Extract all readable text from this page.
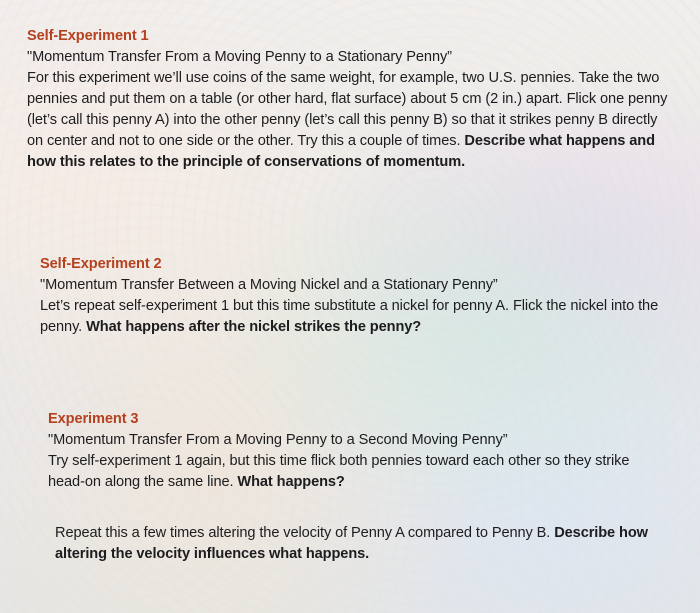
Self-Experiment 1

"Momentum Transfer From a Moving Penny to a Stationary Penny”

For this experiment we’ll use coins of the same weight, for example, two U.S. pennies. Take the two pennies and put them on a table (or other hard, flat surface) about 5 cm (2 in.) apart. Flick one penny (let’s call this penny A) into the other penny (let’s call this penny B) so that it strikes penny B directly on center and not to one side or the other. Try this a couple of times. Describe what happens and how this relates to the principle of conservations of momentum.

Self-Experiment 2

"Momentum Transfer Between a Moving Nickel and a Stationary Penny”

Let’s repeat self-experiment 1 but this time substitute a nickel for penny A. Flick the nickel into the penny. What happens after the nickel strikes the penny?

Experiment 3

"Momentum Transfer From a Moving Penny to a Second Moving Penny”

Try self-experiment 1 again, but this time flick both pennies toward each other so they strike head-on along the same line. What happens?

Repeat this a few times altering the velocity of Penny A compared to Penny B. Describe how altering the velocity influences what happens.
